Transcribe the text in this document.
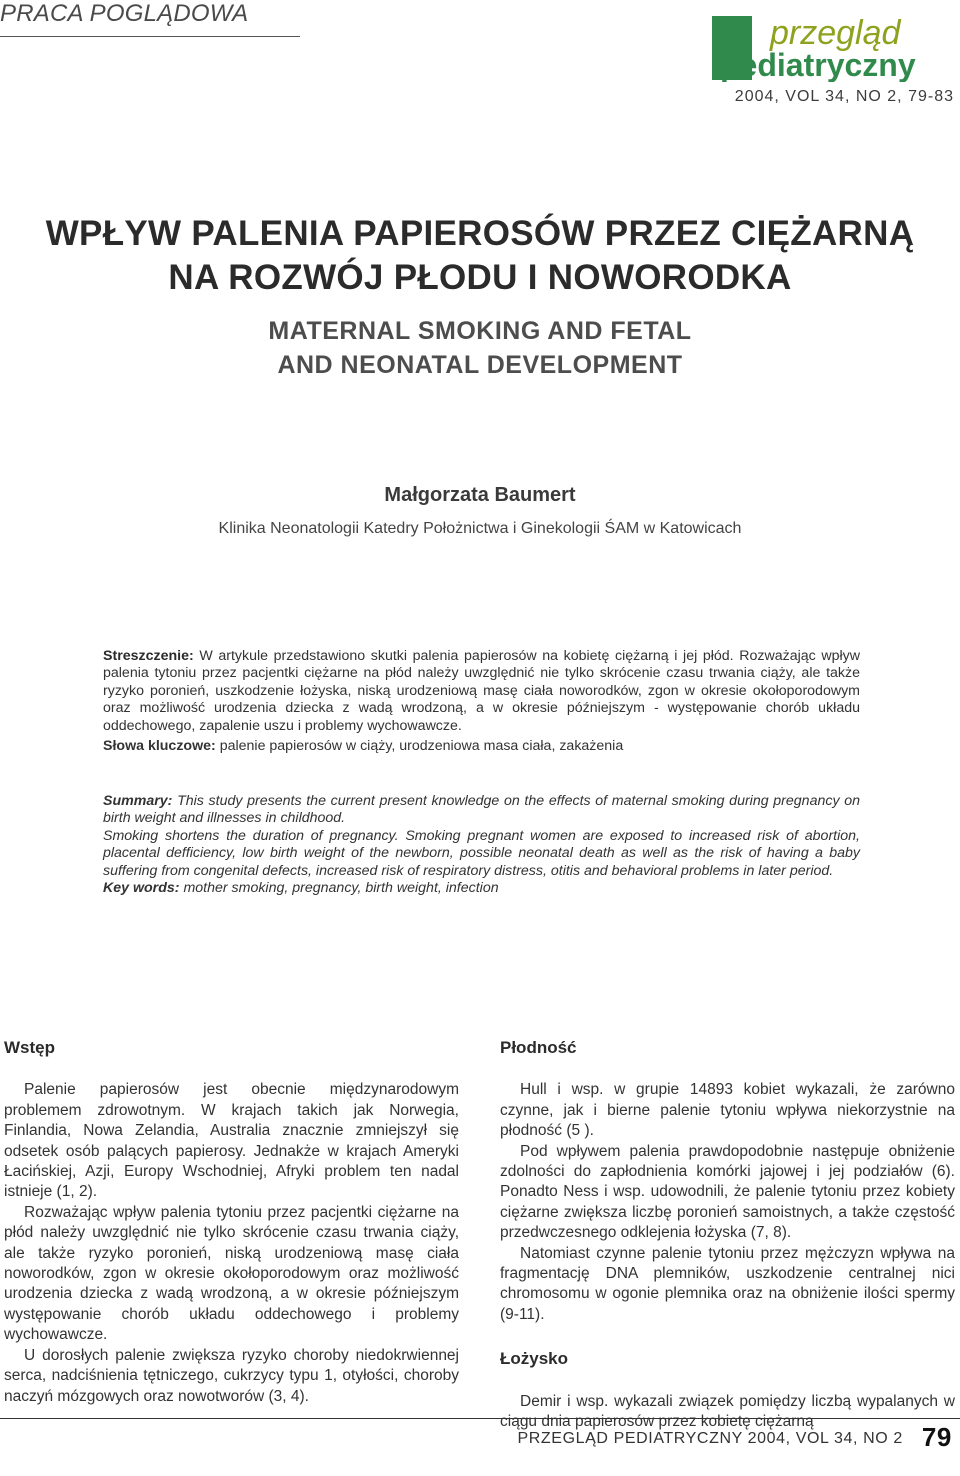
PRACA POGLĄDOWA
przegląd
pediatryczny
2004, VOL 34, NO 2, 79-83
WPŁYW PALENIA PAPIEROSÓW PRZEZ CIĘŻARNĄ
NA ROZWÓJ PŁODU I NOWORODKA
MATERNAL SMOKING AND FETAL
AND NEONATAL DEVELOPMENT
Małgorzata Baumert
Klinika Neonatologii Katedry Położnictwa i Ginekologii ŚAM w Katowicach
Streszczenie: W artykule przedstawiono skutki palenia papierosów na kobietę ciężarną i jej płód. Rozważając wpływ palenia tytoniu przez pacjentki ciężarne na płód należy uwzględnić nie tylko skrócenie czasu trwania ciąży, ale także ryzyko poronień, uszkodzenie łożyska, niską urodzeniową masę ciała noworodków, zgon w okresie okołoporodowym oraz możliwość urodzenia dziecka z wadą wrodzoną, a w okresie późniejszym - występowanie chorób układu oddechowego, zapalenie uszu i problemy wychowawcze.
Słowa kluczowe: palenie papierosów w ciąży, urodzeniowa masa ciała, zakażenia

Summary: This study presents the current present knowledge on the effects of maternal smoking during pregnancy on birth weight and illnesses in childhood.

Smoking shortens the duration of pregnancy. Smoking pregnant women are exposed to increased risk of abortion, placental defficiency, low birth weight of the newborn, possible neonatal death as well as the risk of having a baby suffering from congenital defects, increased risk of respiratory distress, otitis and behavioral problems in later period.

Key words: mother smoking, pregnancy, birth weight, infection

Wstęp

Palenie papierosów jest obecnie międzynarodowym problemem zdrowotnym. W krajach takich jak Norwegia, Finlandia, Nowa Zelandia, Australia znacznie zmniejszył się odsetek osób palących papierosy. Jednakże w krajach Ameryki Łacińskiej, Azji, Europy Wschodniej, Afryki problem ten nadal istnieje (1, 2).

Rozważając wpływ palenia tytoniu przez pacjentki ciężarne na płód należy uwzględnić nie tylko skrócenie czasu trwania ciąży, ale także ryzyko poronień, niską urodzeniową masę ciała noworodków, zgon w okresie okołoporodowym oraz możliwość urodzenia dziecka z wadą wrodzoną, a w okresie późniejszym występowanie chorób układu oddechowego i problemy wychowawcze.

U dorosłych palenie zwiększa ryzyko choroby niedokrwiennej serca, nadciśnienia tętniczego, cukrzycy typu 1, otyłości, choroby naczyń mózgowych oraz nowotworów (3, 4).

Płodność

Hull i wsp. w grupie 14893 kobiet wykazali, że zarówno czynne, jak i bierne palenie tytoniu wpływa niekorzystnie na płodność (5 ).

Pod wpływem palenia prawdopodobnie następuje obniżenie zdolności do zapłodnienia komórki jajowej i jej podziałów (6). Ponadto Ness i wsp. udowodnili, że palenie tytoniu przez kobiety ciężarne zwiększa liczbę poronień samoistnych, a także częstość przedwczesnego odklejenia łożyska (7, 8).

Natomiast czynne palenie tytoniu przez mężczyzn wpływa na fragmentację DNA plemników, uszkodzenie centralnej nici chromosomu w ogonie plemnika oraz na obniżenie ilości spermy (9-11).

Łożysko

Demir i wsp. wykazali związek pomiędzy liczbą wypalanych w ciągu dnia papierosów przez kobietę ciężarną

PRZEGLĄD PEDIATRYCZNY 2004, VOL 34, NO 2 79
